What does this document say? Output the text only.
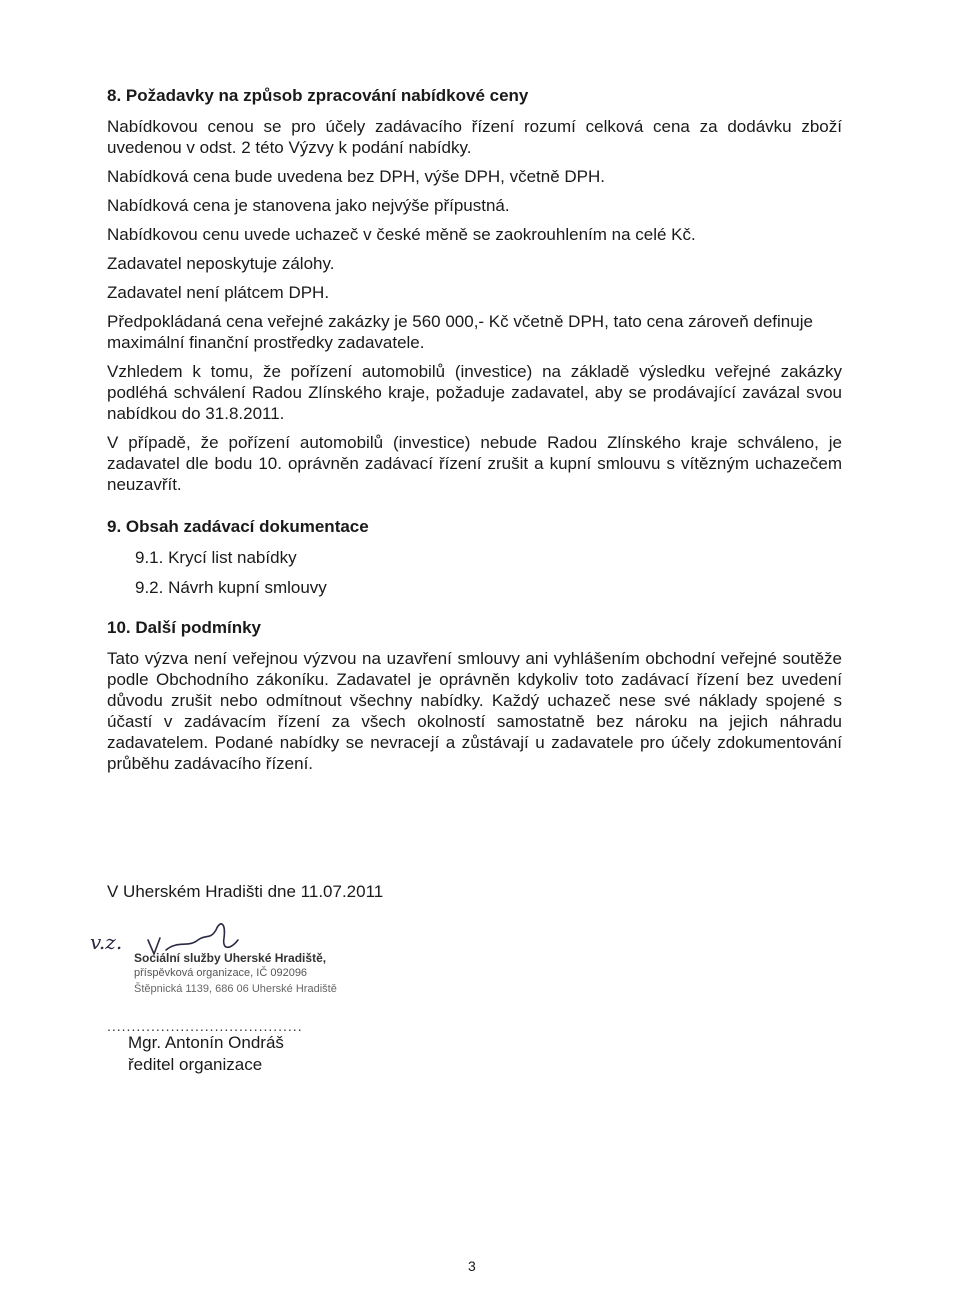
8. Požadavky na způsob zpracování nabídkové ceny

Nabídkovou cenou se pro účely zadávacího řízení rozumí celková cena za dodávku zboží uvedenou v odst. 2 této Výzvy k podání nabídky.

Nabídková cena bude uvedena bez DPH, výše DPH, včetně DPH.

Nabídková cena je stanovena jako nejvýše přípustná.

Nabídkovou cenu uvede uchazeč v české měně se zaokrouhlením na celé Kč.

Zadavatel neposkytuje zálohy.

Zadavatel není plátcem DPH.

Předpokládaná cena veřejné zakázky je 560 000,- Kč včetně DPH, tato cena zároveň definuje maximální finanční prostředky zadavatele.

Vzhledem k tomu, že pořízení automobilů (investice) na základě výsledku veřejné zakázky podléhá schválení Radou Zlínského kraje, požaduje zadavatel, aby se prodávající zavázal svou nabídkou do 31.8.2011.

V případě, že pořízení automobilů (investice) nebude Radou Zlínského kraje schváleno, je zadavatel dle bodu 10. oprávněn zadávací řízení zrušit a kupní smlouvu s vítězným uchazečem neuzavřít.

9. Obsah zadávací dokumentace
9.1. Krycí list nabídky
9.2. Návrh kupní smlouvy
10. Další podmínky

Tato výzva není veřejnou výzvou na uzavření smlouvy ani vyhlášením obchodní veřejné soutěže podle Obchodního zákoníku. Zadavatel je oprávněn kdykoliv toto zadávací řízení bez uvedení důvodu zrušit nebo odmítnout všechny nabídky. Každý uchazeč nese své náklady spojené s účastí v zadávacím řízení za všech okolností samostatně bez nároku na jejich náhradu zadavatelem. Podané nabídky se nevracejí a zůstávají u zadavatele pro účely zdokumentování průběhu zadávacího řízení.

V Uherském Hradišti dne 11.07.2011
v.z.
Sociální služby Uherské Hradiště,
příspěvková organizace, IČ 092096
Štěpnická 1139, 686 06 Uherské Hradiště
........................................
Mgr. Antonín Ondráš
ředitel organizace
3
